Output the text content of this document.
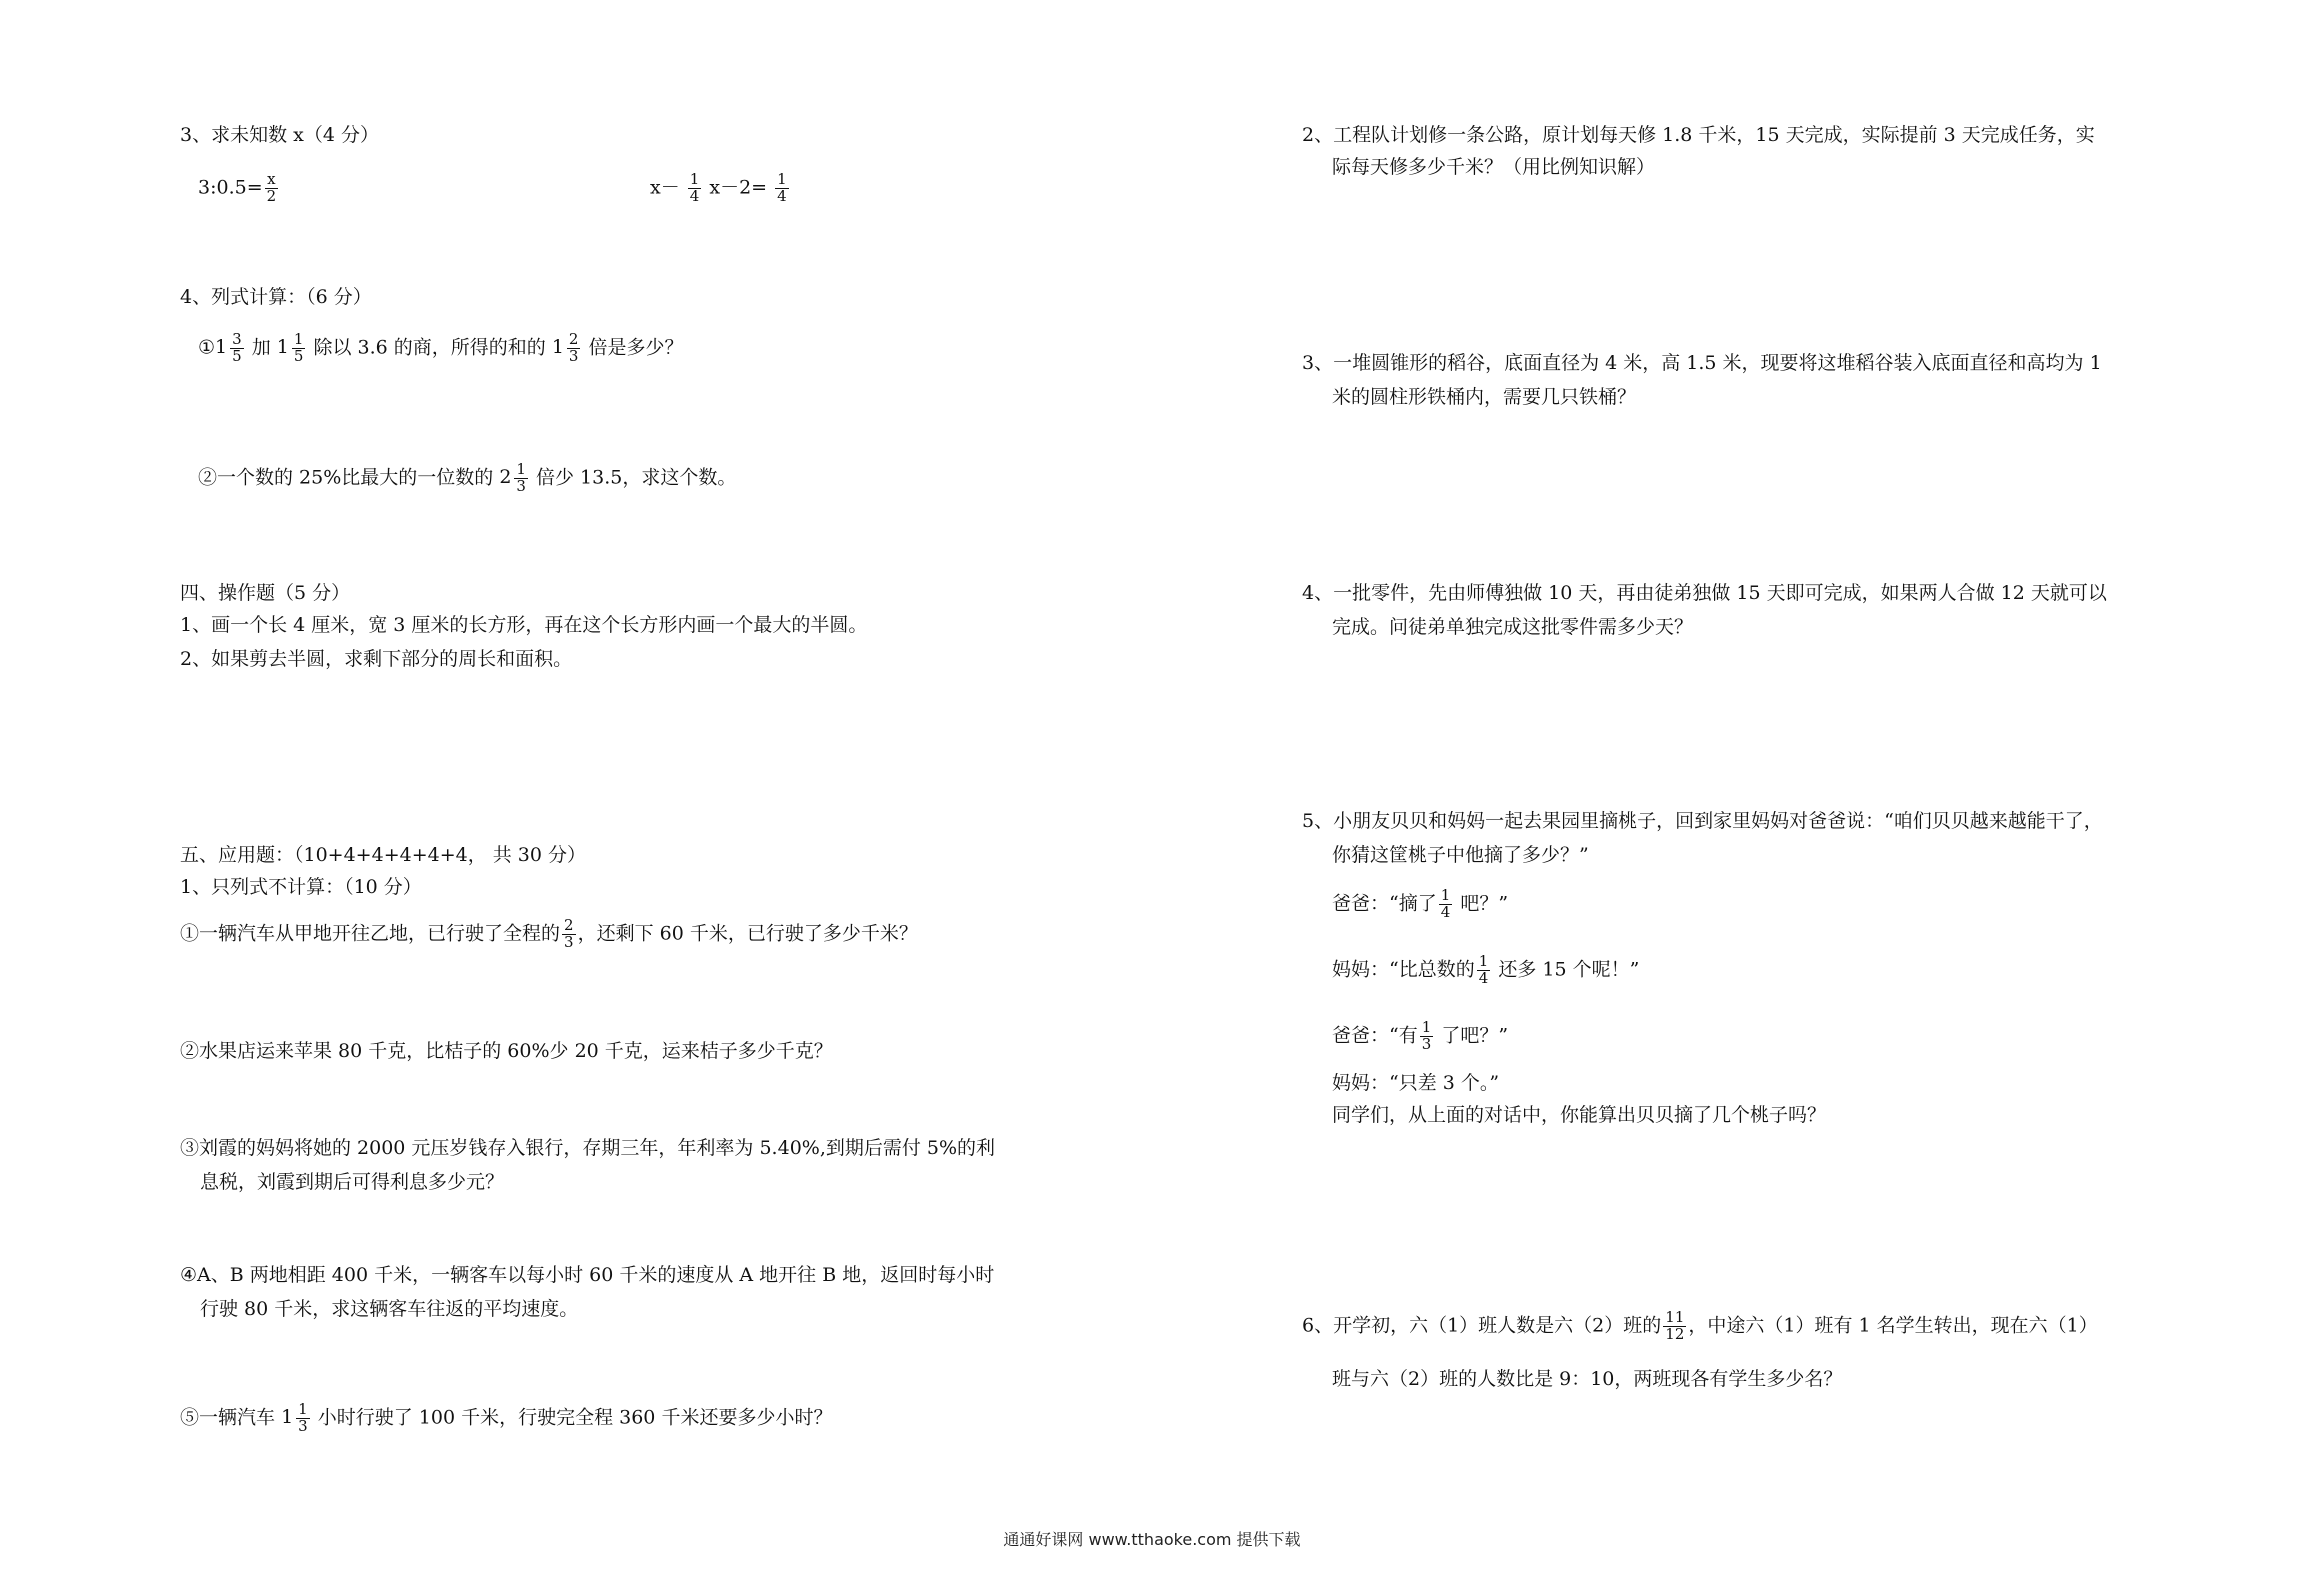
3、求未知数 x（4 分）
3:0.5= $\frac{x}{2}$	$x- \frac{1}{4} x-2= \frac{1}{4}$
4、列式计算：（6 分）
① $1 \frac{3}{5}$ 加 $1 \frac{1}{5}$ 除以 3.6 的商，所得的和的 $1 \frac{2}{3}$ 倍是多少？
②一个数的 25%比最大的一位数的 $2 \frac{1}{3}$ 倍少 13.5，求这个数。
四、操作题（5 分）
1、画一个长 4 厘米，宽 3 厘米的长方形，再在这个长方形内画一个最大的半圆。
2、如果剪去半圆，求剩下部分的周长和面积。
五、应用题：（10+4+4+4+4+4， 共 30 分）
1、只列式不计算：（10 分）
①一辆汽车从甲地开往乙地，已行驶了全程的 $\frac{2}{3}$ ，还剩下 60 千米，已行驶了多少千米？
②水果店运来苹果 80 千克，比桔子的 60%少 20 千克，运来桔子多少千克？
③刘霞的妈妈将她的 2000 元压岁钱存入银行，存期三年，年利率为 5.40%,到期后需付 5%的利
息税，刘霞到期后可得利息多少元？
④A、B 两地相距 400 千米，一辆客车以每小时 60 千米的速度从 A 地开往 B 地，返回时每小时
行驶 80 千米，求这辆客车往返的平均速度。
⑤一辆汽车 $1 \frac{1}{3}$ 小时行驶了 100 千米，行驶完全程 360 千米还要多少小时？
2、工程队计划修一条公路，原计划每天修 1.8 千米，15 天完成，实际提前 3 天完成任务，实
际每天修多少千米？（用比例知识解）
3、一堆圆锥形的稻谷，底面直径为 4 米，高 1.5 米，现要将这堆稻谷装入底面直径和高均为 1
米的圆柱形铁桶内，需要几只铁桶？
4、一批零件，先由师傅独做 10 天，再由徒弟独做 15 天即可完成，如果两人合做 12 天就可以
完成。问徒弟单独完成这批零件需多少天？
5、小朋友贝贝和妈妈一起去果园里摘桃子，回到家里妈妈对爸爸说：“咱们贝贝越来越能干了，
你猜这筐桃子中他摘了多少？”
爸爸：“摘了 $\frac{1}{4}$ 吧？”
妈妈：“比总数的 $\frac{1}{4}$ 还多 15 个呢！”
爸爸：“有 $\frac{1}{3}$ 了吧？”
妈妈：“只差 3 个。”
同学们，从上面的对话中，你能算出贝贝摘了几个桃子吗？
6、开学初，六（1）班人数是六（2）班的 $\frac{11}{12}$ ，中途六（1）班有 1 名学生转出，现在六（1）
班与六（2）班的人数比是 9：10，两班现各有学生多少名？
通通好课网 www.tthaoke.com 提供下载
